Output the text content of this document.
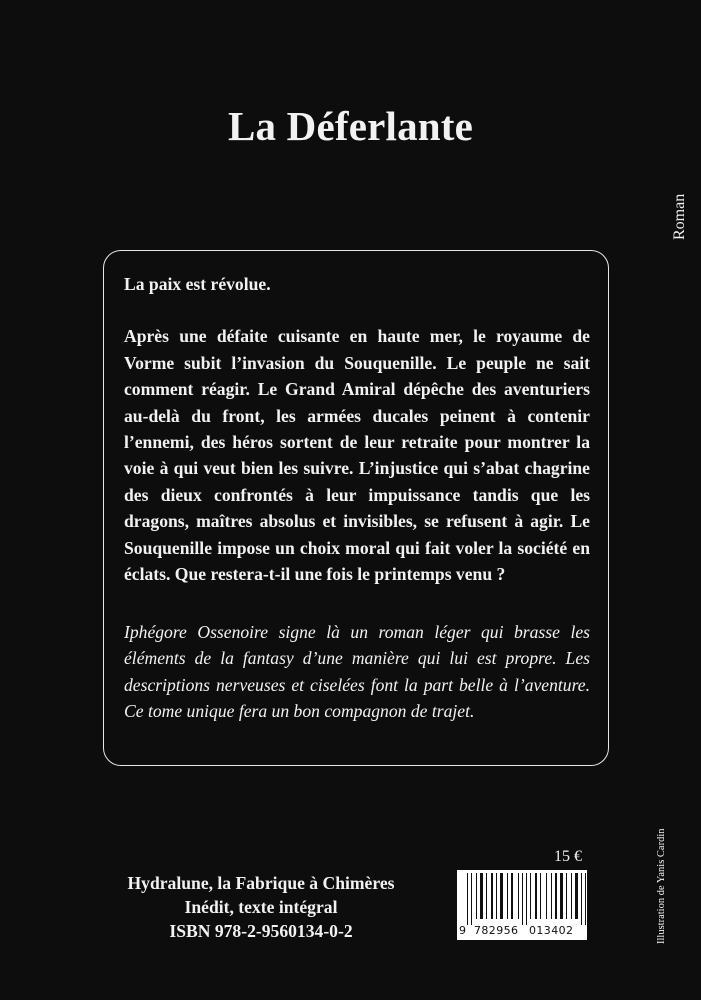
La Déferlante
Roman

La paix est révolue.

Après une défaite cuisante en haute mer, le royaume de Vorme subit l’invasion du Souquenille. Le peuple ne sait comment réagir. Le Grand Amiral dépêche des aventuriers au-delà du front, les armées ducales peinent à contenir l’ennemi, des héros sortent de leur retraite pour montrer la voie à qui veut bien les suivre. L’injustice qui s’abat chagrine des dieux confrontés à leur impuissance tandis que les dragons, maîtres absolus et invisibles, se refusent à agir. Le Souquenille impose un choix moral qui fait voler la société en éclats. Que restera-t-il une fois le printemps venu ?

Iphégore Ossenoire signe là un roman léger qui brasse les éléments de la fantasy d’une manière qui lui est propre. Les descriptions nerveuses et ciselées font la part belle à l’aventure. Ce tome unique fera un bon compagnon de trajet.

Hydralune, la Fabrique à Chimères
Inédit, texte intégral
ISBN 978-2-9560134-0-2
15 €
9 782956 013402	Illustration de Yanis Cardin
